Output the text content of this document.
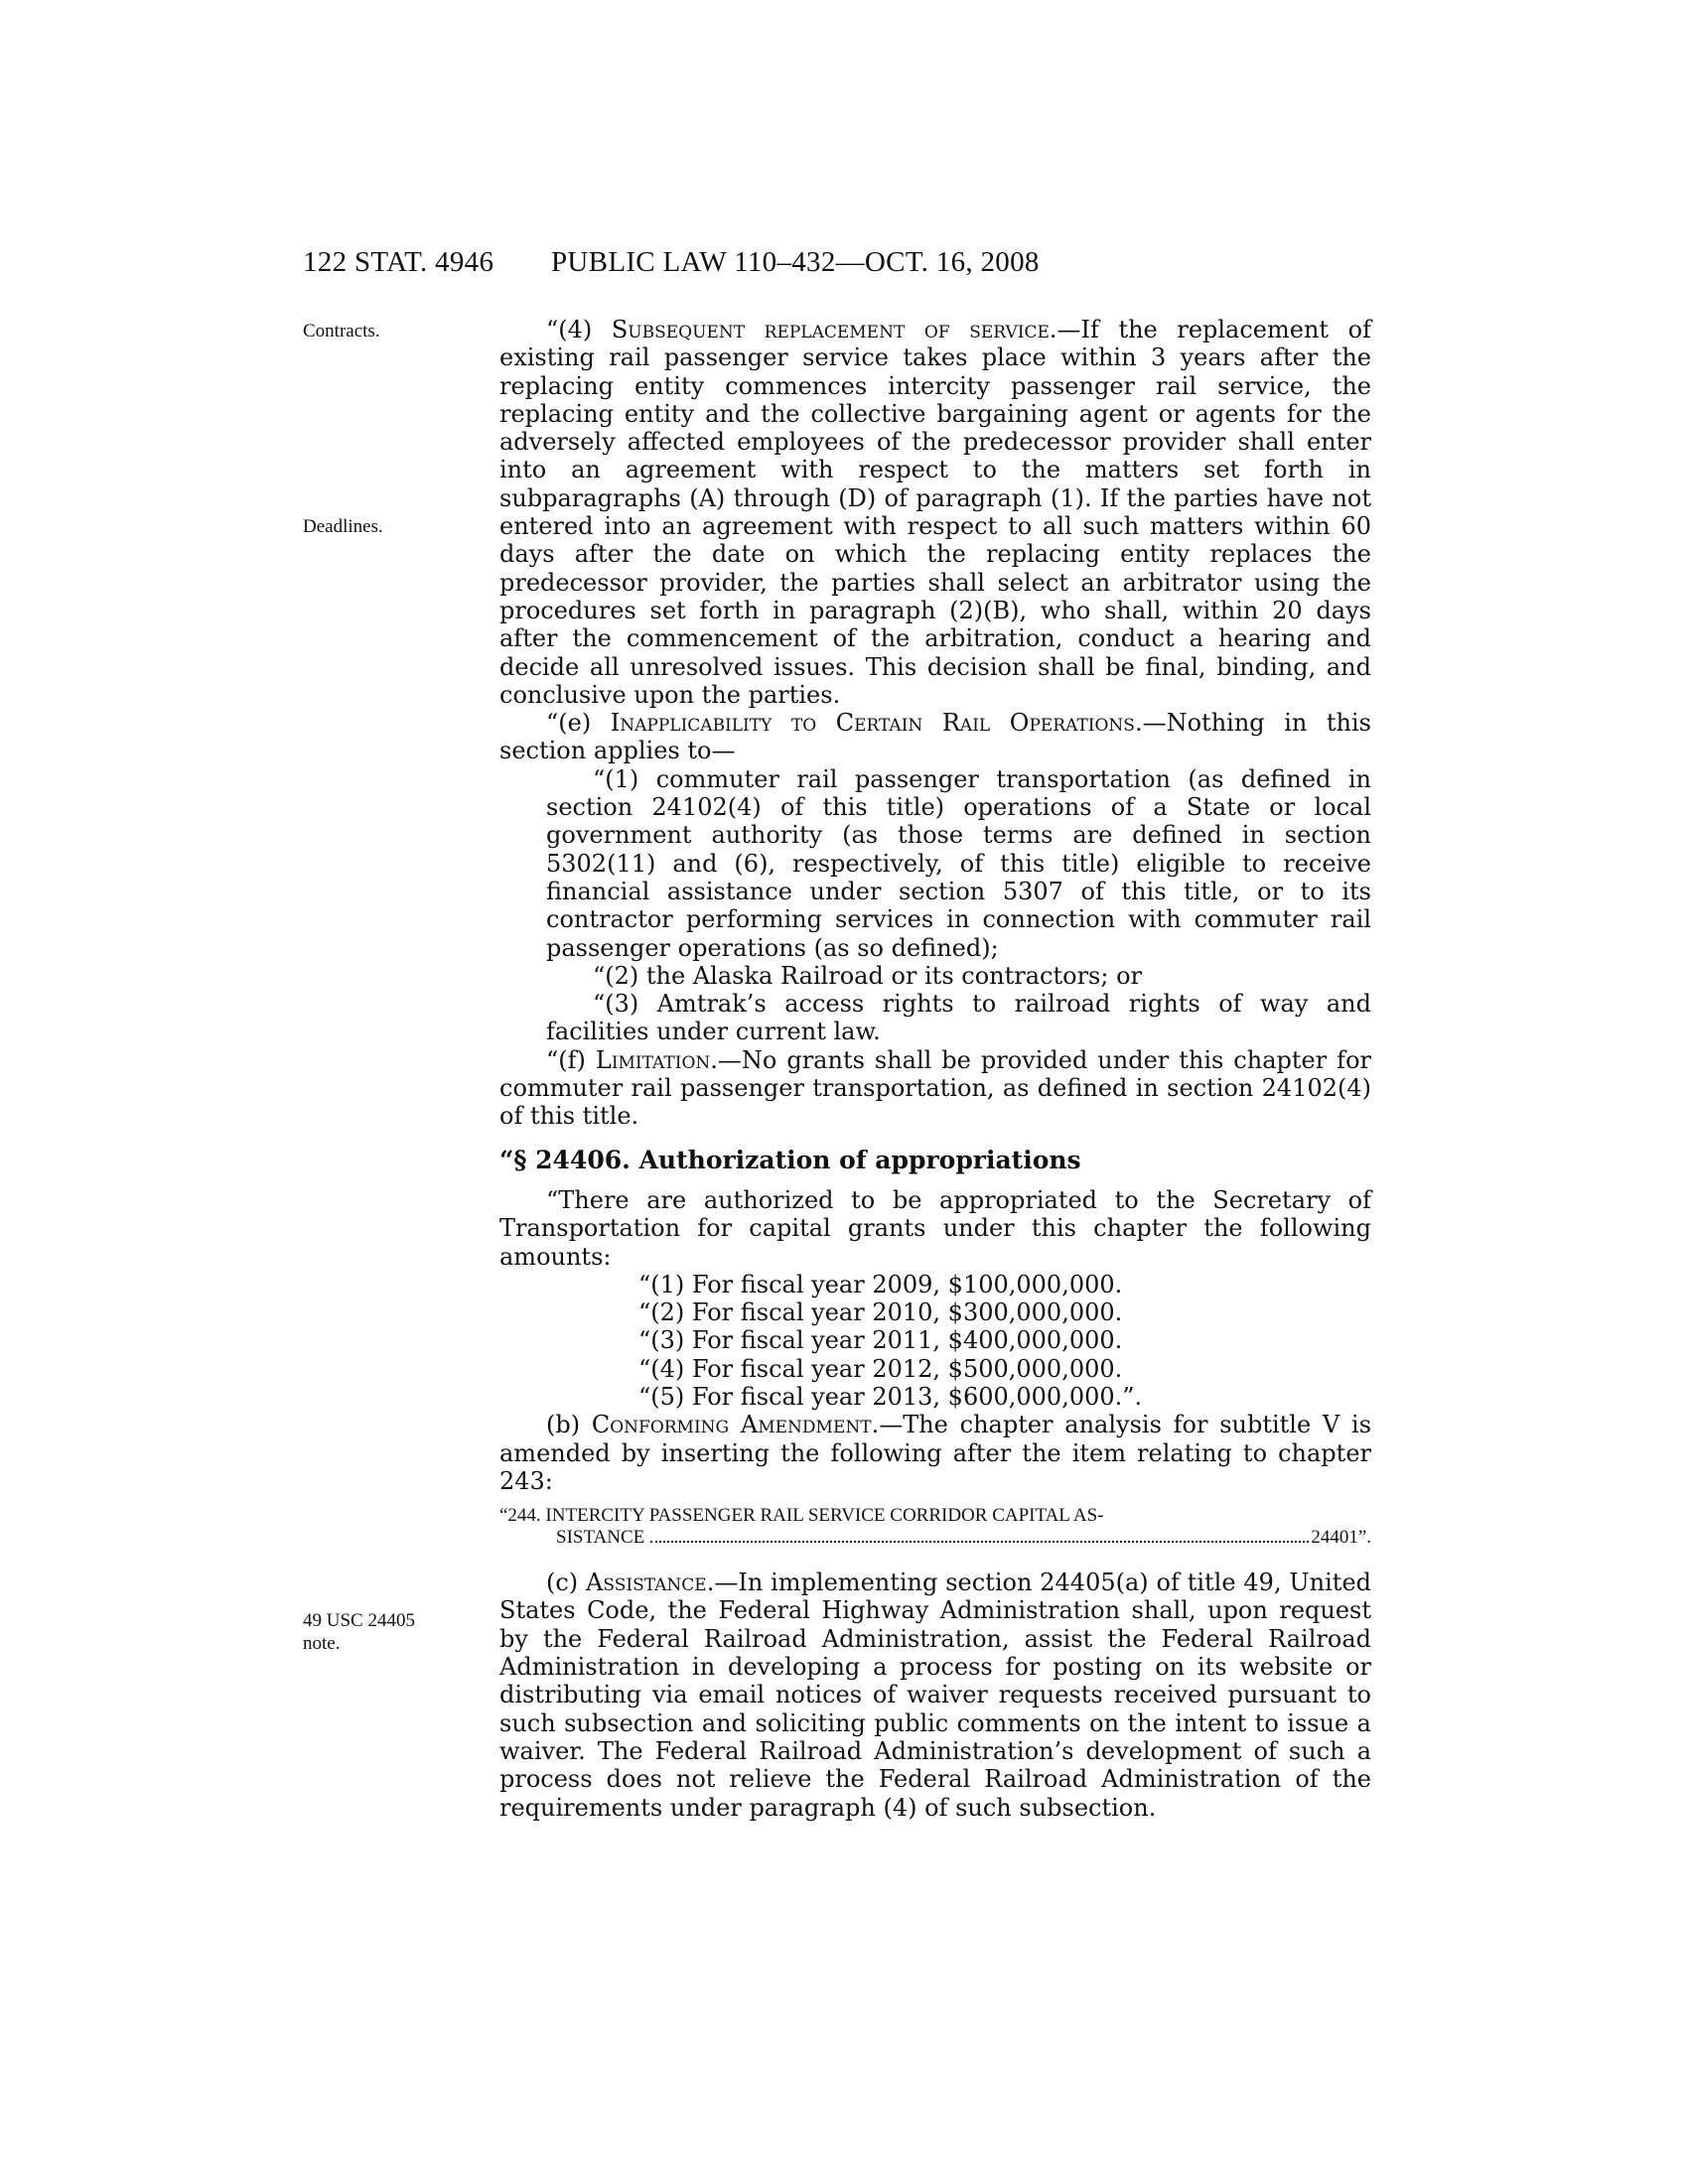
122 STAT. 4946 PUBLIC LAW 110–432—OCT. 16, 2008
Contracts.
Deadlines.
49 USC 24405
note.

“(4) Subsequent replacement of service.—If the replacement of existing rail passenger service takes place within 3 years after the replacing entity commences intercity passenger rail service, the replacing entity and the collective bargaining agent or agents for the adversely affected employees of the predecessor provider shall enter into an agreement with respect to the matters set forth in subparagraphs (A) through (D) of paragraph (1). If the parties have not entered into an agreement with respect to all such matters within 60 days after the date on which the replacing entity replaces the predecessor provider, the parties shall select an arbitrator using the procedures set forth in paragraph (2)(B), who shall, within 20 days after the commencement of the arbitration, conduct a hearing and decide all unresolved issues. This decision shall be final, binding, and conclusive upon the parties.

“(e) Inapplicability to Certain Rail Operations.—Nothing in this section applies to—

“(1) commuter rail passenger transportation (as defined in section 24102(4) of this title) operations of a State or local government authority (as those terms are defined in section 5302(11) and (6), respectively, of this title) eligible to receive financial assistance under section 5307 of this title, or to its contractor performing services in connection with commuter rail passenger operations (as so defined);

“(2) the Alaska Railroad or its contractors; or

“(3) Amtrak’s access rights to railroad rights of way and facilities under current law.

“(f) Limitation.—No grants shall be provided under this chapter for commuter rail passenger transportation, as defined in section 24102(4) of this title.

“§ 24406. Authorization of appropriations

“There are authorized to be appropriated to the Secretary of Transportation for capital grants under this chapter the following amounts:

“(1) For fiscal year 2009, $100,000,000.

“(2) For fiscal year 2010, $300,000,000.

“(3) For fiscal year 2011, $400,000,000.

“(4) For fiscal year 2012, $500,000,000.

“(5) For fiscal year 2013, $600,000,000.”.

(b) Conforming Amendment.—The chapter analysis for subtitle V is amended by inserting the following after the item relating to chapter 243:

“244. INTERCITY PASSENGER RAIL SERVICE CORRIDOR CAPITAL AS-
SISTANCE	24401”.

(c) Assistance.—In implementing section 24405(a) of title 49, United States Code, the Federal Highway Administration shall, upon request by the Federal Railroad Administration, assist the Federal Railroad Administration in developing a process for posting on its website or distributing via email notices of waiver requests received pursuant to such subsection and soliciting public comments on the intent to issue a waiver. The Federal Railroad Administration’s development of such a process does not relieve the Federal Railroad Administration of the requirements under paragraph (4) of such subsection.
